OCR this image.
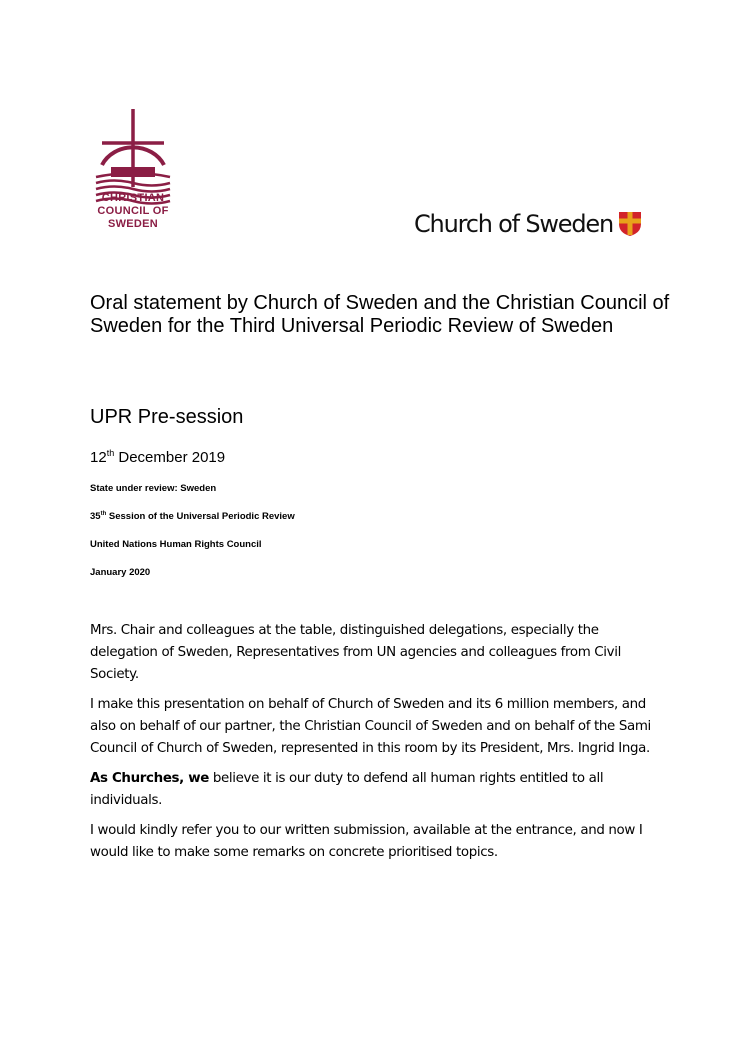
CHRISTIAN
COUNCIL OF
SWEDEN	Church of Sweden
Oral statement by Church of Sweden and the Christian Council of Sweden for the Third Universal Periodic Review of Sweden
UPR Pre-session
12th December 2019
State under review: Sweden
35th Session of the Universal Periodic Review
United Nations Human Rights Council
January 2020

Mrs. Chair and colleagues at the table, distinguished delegations, especially the delegation of Sweden, Representatives from UN agencies and colleagues from Civil Society.

I make this presentation on behalf of Church of Sweden and its 6 million members, and also on behalf of our partner, the Christian Council of Sweden and on behalf of the Sami Council of Church of Sweden, represented in this room by its President, Mrs. Ingrid Inga.

As Churches, we believe it is our duty to defend all human rights entitled to all individuals.

I would kindly refer you to our written submission, available at the entrance, and now I would like to make some remarks on concrete prioritised topics.
